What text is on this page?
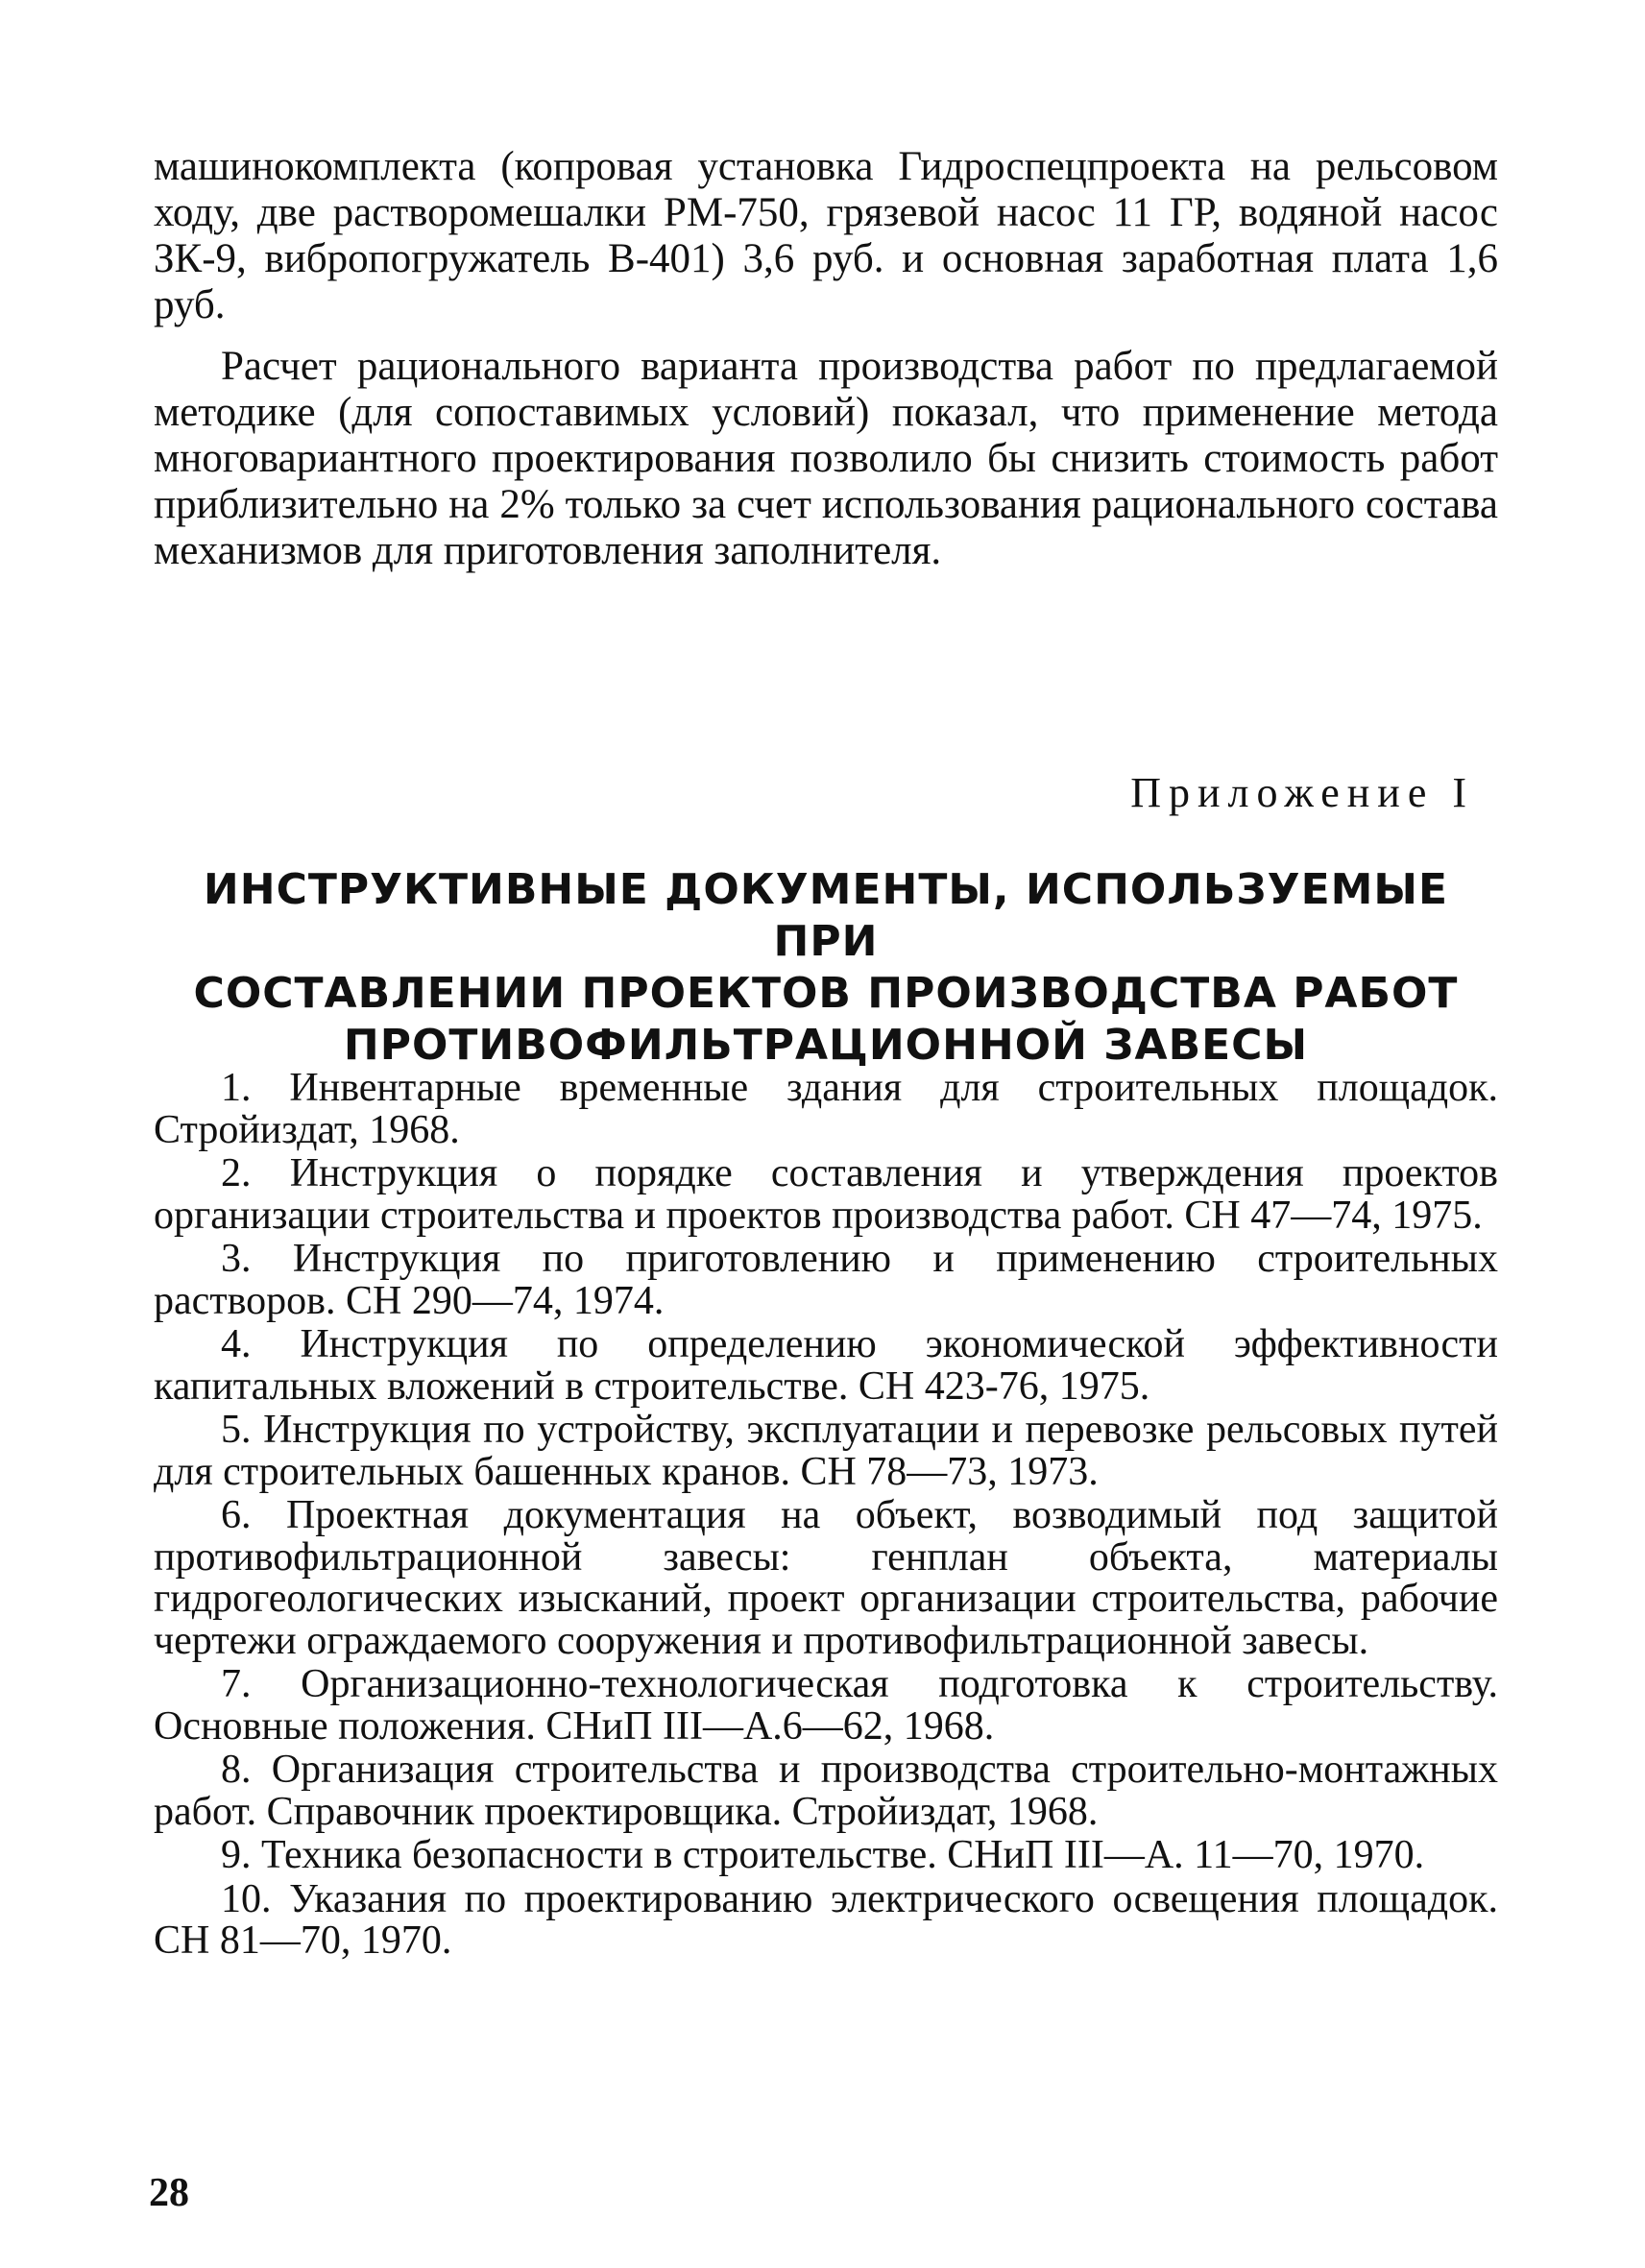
машинокомплекта (копровая установка Гидроспецпроекта на рельсовом ходу, две растворомешалки РМ-750, грязевой насос 11 ГР, водяной насос ЗК-9, вибропогружатель В-401) 3,6 руб. и основная заработная плата 1,6 руб.

Расчет рационального варианта производства работ по предлагаемой методике (для сопоставимых условий) показал, что применение метода многовариантного проектирования позволило бы снизить стоимость работ приблизительно на 2% только за счет использования рационального состава механизмов для приготовления заполнителя.

Приложение I
ИНСТРУКТИВНЫЕ ДОКУМЕНТЫ, ИСПОЛЬЗУЕМЫЕ ПРИ
СОСТАВЛЕНИИ ПРОЕКТОВ ПРОИЗВОДСТВА РАБОТ
ПРОТИВОФИЛЬТРАЦИОННОЙ ЗАВЕСЫ

1. Инвентарные временные здания для строительных площадок. Стройиздат, 1968.

2. Инструкция о порядке составления и утверждения проектов организации строительства и проектов производства работ. СН 47—74, 1975.

3. Инструкция по приготовлению и применению строительных растворов. СН 290—74, 1974.

4. Инструкция по определению экономической эффективности капитальных вложений в строительстве. СН 423-76, 1975.

5. Инструкция по устройству, эксплуатации и перевозке рельсовых путей для строительных башенных кранов. СН 78—73, 1973.

6. Проектная документация на объект, возводимый под защитой противофильтрационной завесы: генплан объекта, материалы гидрогеологических изысканий, проект организации строительства, рабочие чертежи ограждаемого сооружения и противофильтрационной завесы.

7. Организационно-технологическая подготовка к строительству. Основные положения. СНиП III—А.6—62, 1968.

8. Организация строительства и производства строительно-монтажных работ. Справочник проектировщика. Стройиздат, 1968.

9. Техника безопасности в строительстве. СНиП III—А. 11—70, 1970.

10. Указания по проектированию электрического освещения площадок. СН 81—70, 1970.

28
